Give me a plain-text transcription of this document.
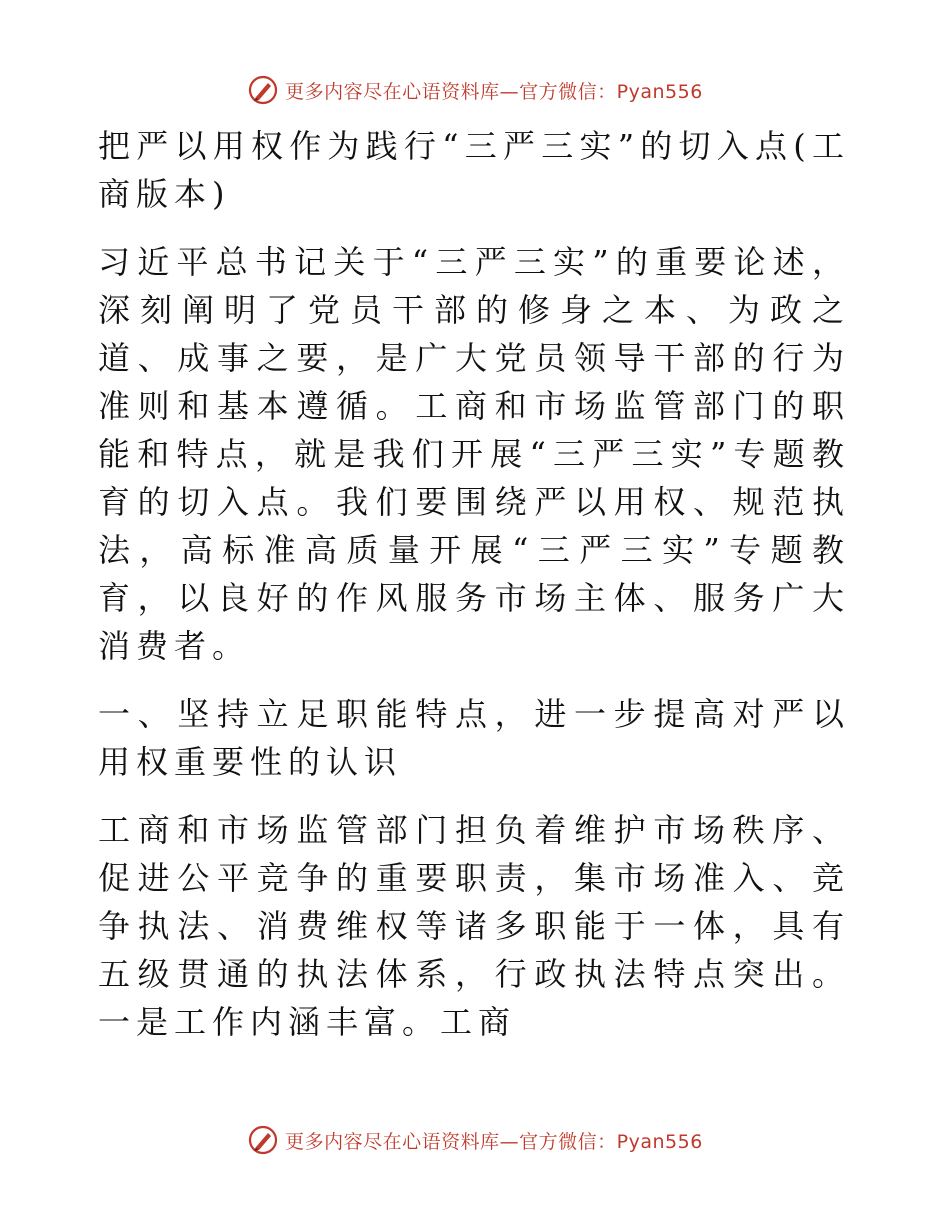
更多内容尽在心语资料库—官方微信：Pyan556

把严以用权作为践行“三严三实”的切入点(工商版本)

习近平总书记关于“三严三实”的重要论述，深刻阐明了党员干部的修身之本、为政之道、成事之要，是广大党员领导干部的行为准则和基本遵循。工商和市场监管部门的职能和特点，就是我们开展“三严三实”专题教育的切入点。我们要围绕严以用权、规范执法，高标准高质量开展“三严三实”专题教育，以良好的作风服务市场主体、服务广大消费者。

一、坚持立足职能特点，进一步提高对严以用权重要性的认识

工商和市场监管部门担负着维护市场秩序、促进公平竞争的重要职责，集市场准入、竞争执法、消费维权等诸多职能于一体，具有五级贯通的执法体系，行政执法特点突出。一是工作内涵丰富。工商

更多内容尽在心语资料库—官方微信：Pyan556
